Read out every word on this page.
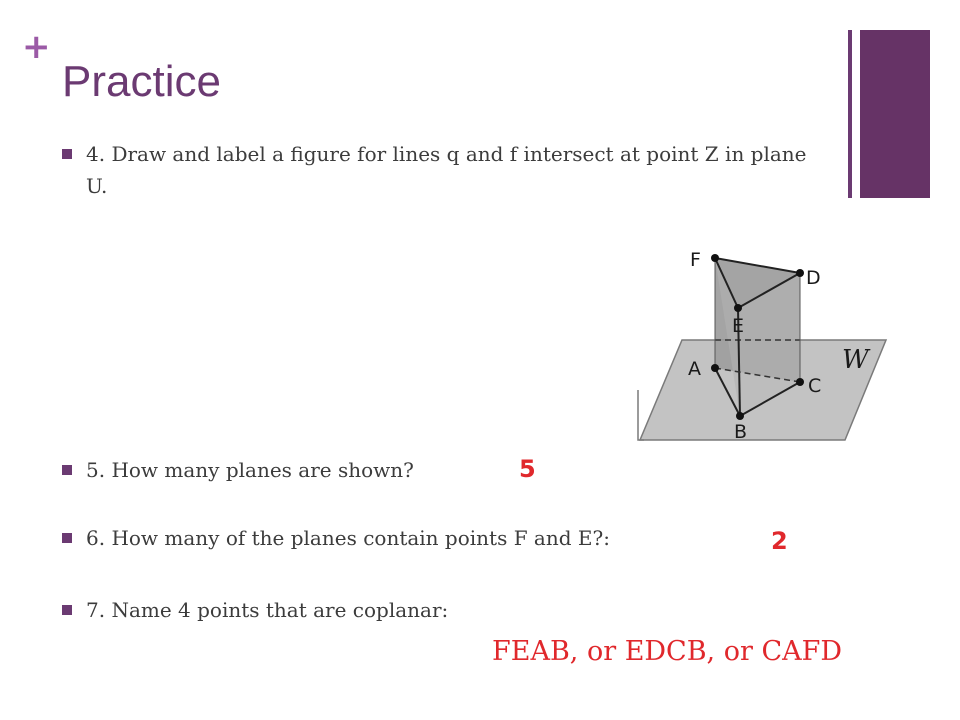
+
Practice
4. Draw and label a figure for lines q and f intersect at point Z in plane U.
F
D
E
A
C
B
W
5. How many planes are shown?	5
6. How many of the planes contain points F and E?:	2
7. Name 4 points that are coplanar:
FEAB, or EDCB, or CAFD
